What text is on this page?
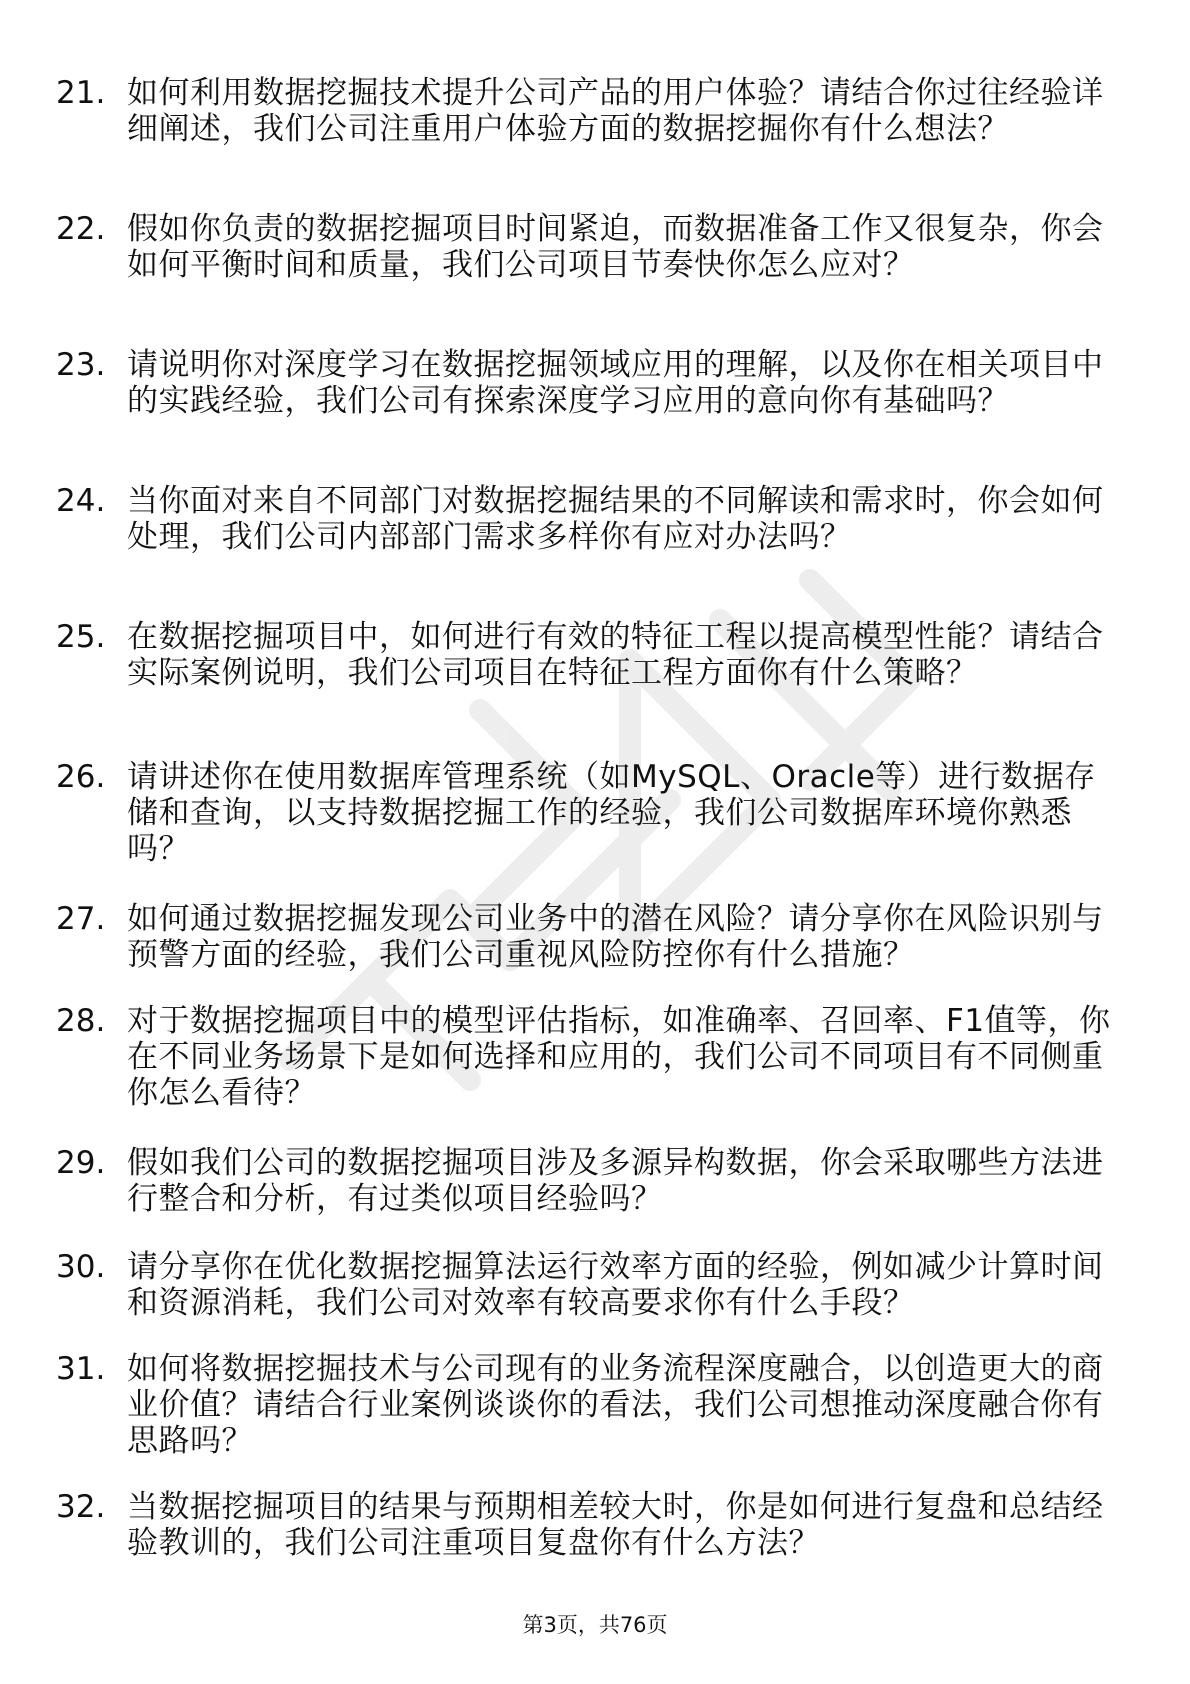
21. 如何利用数据挖掘技术提升公司产品的用户体验？请结合你过往经验详细阐述，我们公司注重用户体验方面的数据挖掘你有什么想法？
22. 假如你负责的数据挖掘项目时间紧迫，而数据准备工作又很复杂，你会如何平衡时间和质量，我们公司项目节奏快你怎么应对？
23. 请说明你对深度学习在数据挖掘领域应用的理解，以及你在相关项目中的实践经验，我们公司有探索深度学习应用的意向你有基础吗？
24. 当你面对来自不同部门对数据挖掘结果的不同解读和需求时，你会如何处理，我们公司内部部门需求多样你有应对办法吗？
25. 在数据挖掘项目中，如何进行有效的特征工程以提高模型性能？请结合实际案例说明，我们公司项目在特征工程方面你有什么策略？
26. 请讲述你在使用数据库管理系统（如MySQL、Oracle等）进行数据存储和查询，以支持数据挖掘工作的经验，我们公司数据库环境你熟悉吗？
27. 如何通过数据挖掘发现公司业务中的潜在风险？请分享你在风险识别与预警方面的经验，我们公司重视风险防控你有什么措施？
28. 对于数据挖掘项目中的模型评估指标，如准确率、召回率、F1值等，你在不同业务场景下是如何选择和应用的，我们公司不同项目有不同侧重你怎么看待？
29. 假如我们公司的数据挖掘项目涉及多源异构数据，你会采取哪些方法进行整合和分析，有过类似项目经验吗？
30. 请分享你在优化数据挖掘算法运行效率方面的经验，例如减少计算时间和资源消耗，我们公司对效率有较高要求你有什么手段？
31. 如何将数据挖掘技术与公司现有的业务流程深度融合，以创造更大的商业价值？请结合行业案例谈谈你的看法，我们公司想推动深度融合你有思路吗？
32. 当数据挖掘项目的结果与预期相差较大时，你是如何进行复盘和总结经验教训的，我们公司注重项目复盘你有什么方法？
第3页，共76页
